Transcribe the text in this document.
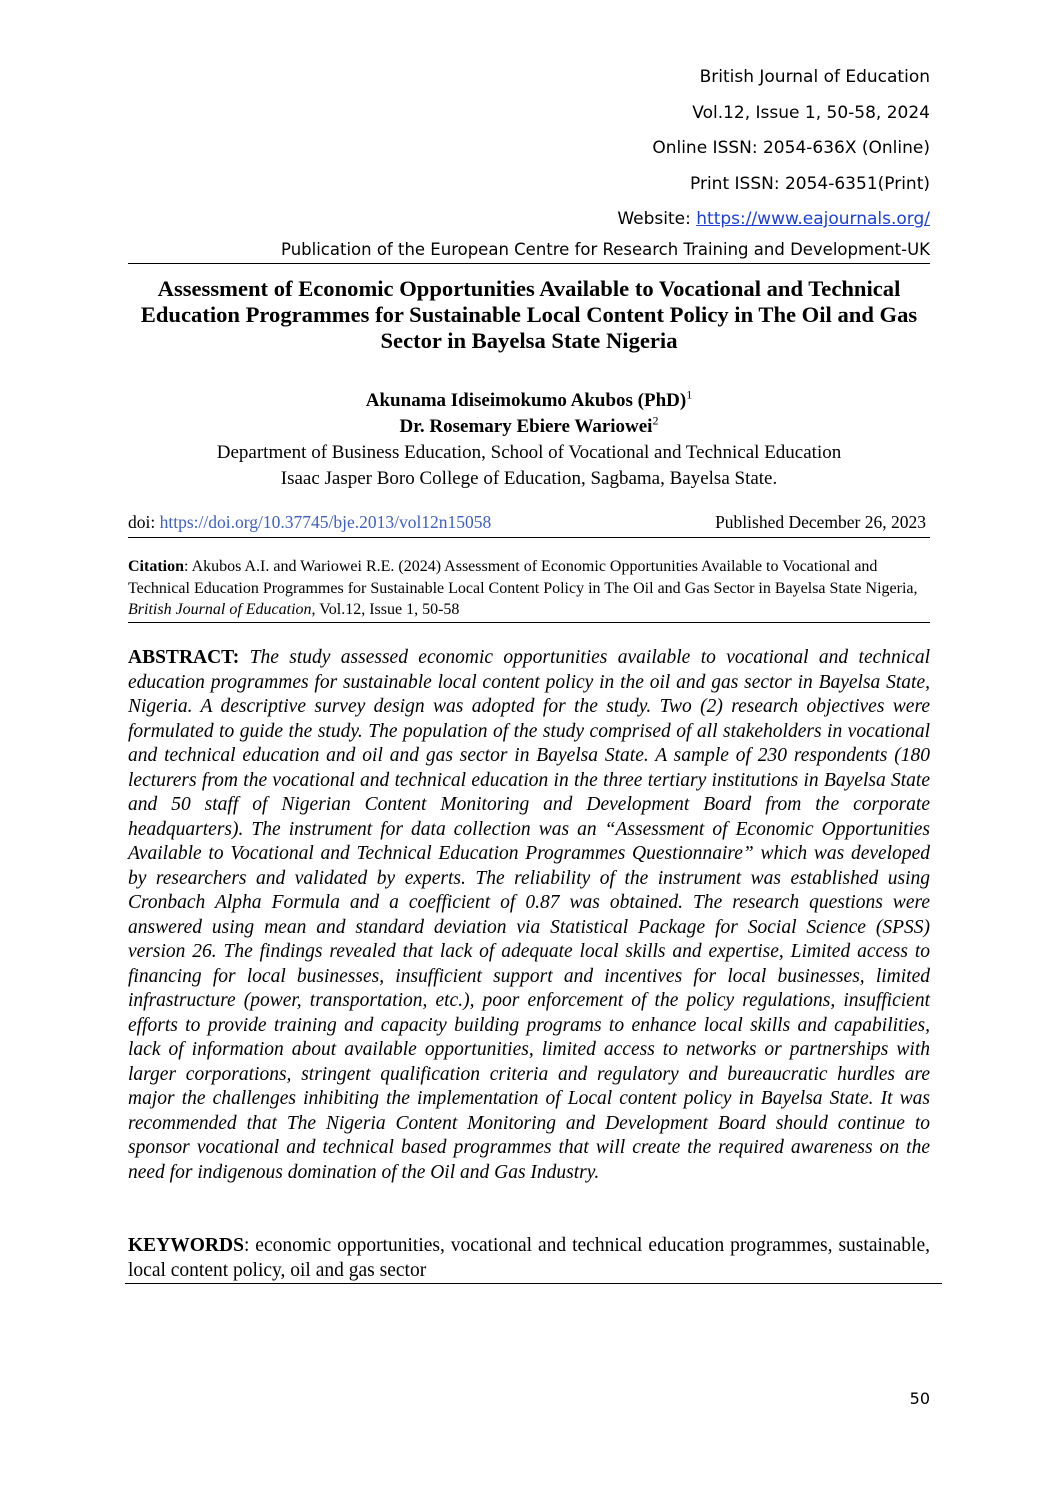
British Journal of Education
Vol.12, Issue 1, 50-58, 2024
Online ISSN: 2054-636X (Online)
Print ISSN: 2054-6351(Print)
Website: https://www.eajournals.org/
Publication of the European Centre for Research Training and Development-UK
Assessment of Economic Opportunities Available to Vocational and Technical Education Programmes for Sustainable Local Content Policy in The Oil and Gas Sector in Bayelsa State Nigeria
Akunama Idiseimokumo Akubos (PhD)$^1$
Dr. Rosemary Ebiere Wariowei$^2$
Department of Business Education, School of Vocational and Technical Education
Isaac Jasper Boro College of Education, Sagbama, Bayelsa State.
doi: https://doi.org/10.37745/bje.2013/vol12n15058	Published December 26, 2023
Citation: Akubos A.I. and Wariowei R.E. (2024) Assessment of Economic Opportunities Available to Vocational and Technical Education Programmes for Sustainable Local Content Policy in The Oil and Gas Sector in Bayelsa State Nigeria, British Journal of Education, Vol.12, Issue 1, 50-58
ABSTRACT: The study assessed economic opportunities available to vocational and technical education programmes for sustainable local content policy in the oil and gas sector in Bayelsa State, Nigeria. A descriptive survey design was adopted for the study. Two (2) research objectives were formulated to guide the study. The population of the study comprised of all stakeholders in vocational and technical education and oil and gas sector in Bayelsa State. A sample of 230 respondents (180 lecturers from the vocational and technical education in the three tertiary institutions in Bayelsa State and 50 staff of Nigerian Content Monitoring and Development Board from the corporate headquarters). The instrument for data collection was an “Assessment of Economic Opportunities Available to Vocational and Technical Education Programmes Questionnaire” which was developed by researchers and validated by experts. The reliability of the instrument was established using Cronbach Alpha Formula and a coefficient of 0.87 was obtained. The research questions were answered using mean and standard deviation via Statistical Package for Social Science (SPSS) version 26. The findings revealed that lack of adequate local skills and expertise, Limited access to financing for local businesses, insufficient support and incentives for local businesses, limited infrastructure (power, transportation, etc.), poor enforcement of the policy regulations, insufficient efforts to provide training and capacity building programs to enhance local skills and capabilities, lack of information about available opportunities, limited access to networks or partnerships with larger corporations, stringent qualification criteria and regulatory and bureaucratic hurdles are major the challenges inhibiting the implementation of Local content policy in Bayelsa State. It was recommended that The Nigeria Content Monitoring and Development Board should continue to sponsor vocational and technical based programmes that will create the required awareness on the need for indigenous domination of the Oil and Gas Industry.
KEYWORDS: economic opportunities, vocational and technical education programmes, sustainable, local content policy, oil and gas sector
50
